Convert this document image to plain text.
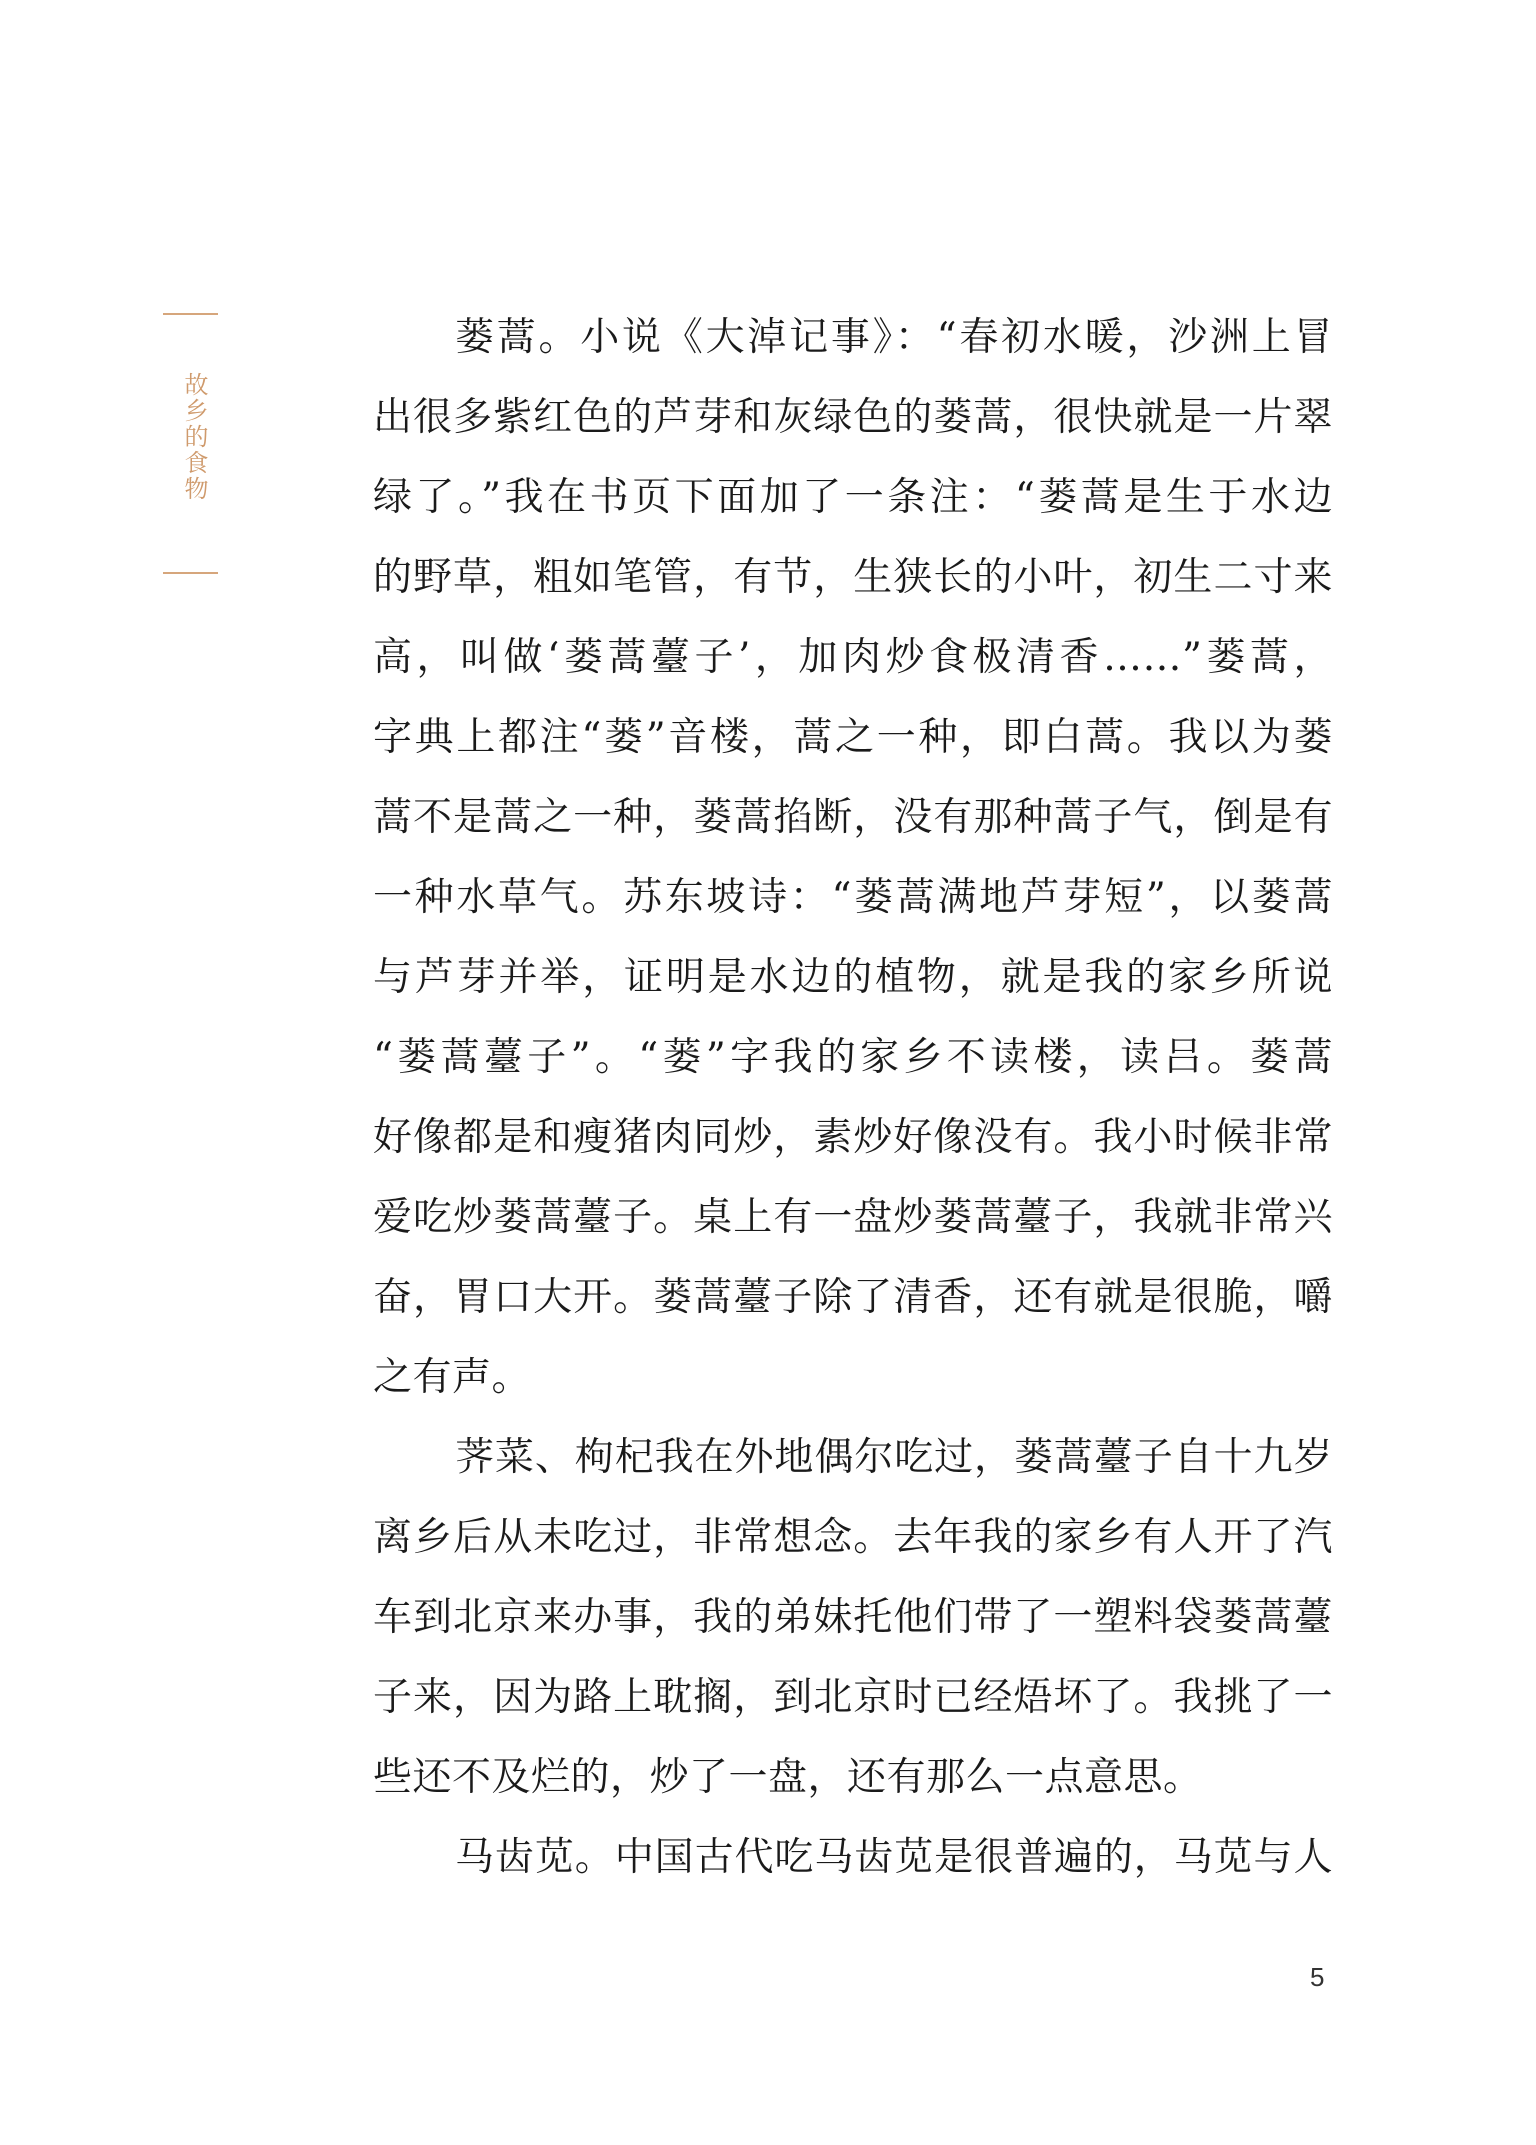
故乡的食物
蒌蒿。小说《大淖记事》：“春初水暖，沙洲上冒
出很多紫红色的芦芽和灰绿色的蒌蒿，很快就是一片翠
绿了。”我在书页下面加了一条注：“蒌蒿是生于水边
的野草，粗如笔管，有节，生狭长的小叶，初生二寸来
高，叫做‘蒌蒿薹子’，加肉炒食极清香……”蒌蒿，
字典上都注“蒌”音楼，蒿之一种，即白蒿。我以为蒌
蒿不是蒿之一种，蒌蒿掐断，没有那种蒿子气，倒是有
一种水草气。苏东坡诗：“蒌蒿满地芦芽短”，以蒌蒿
与芦芽并举，证明是水边的植物，就是我的家乡所说
“蒌蒿薹子”。“蒌”字我的家乡不读楼，读吕。蒌蒿
好像都是和瘦猪肉同炒，素炒好像没有。我小时候非常
爱吃炒蒌蒿薹子。桌上有一盘炒蒌蒿薹子，我就非常兴
奋，胃口大开。蒌蒿薹子除了清香，还有就是很脆，嚼
之有声。
荠菜、枸杞我在外地偶尔吃过，蒌蒿薹子自十九岁
离乡后从未吃过，非常想念。去年我的家乡有人开了汽
车到北京来办事，我的弟妹托他们带了一塑料袋蒌蒿薹
子来，因为路上耽搁，到北京时已经焐坏了。我挑了一
些还不及烂的，炒了一盘，还有那么一点意思。
马齿苋。中国古代吃马齿苋是很普遍的，马苋与人
5
